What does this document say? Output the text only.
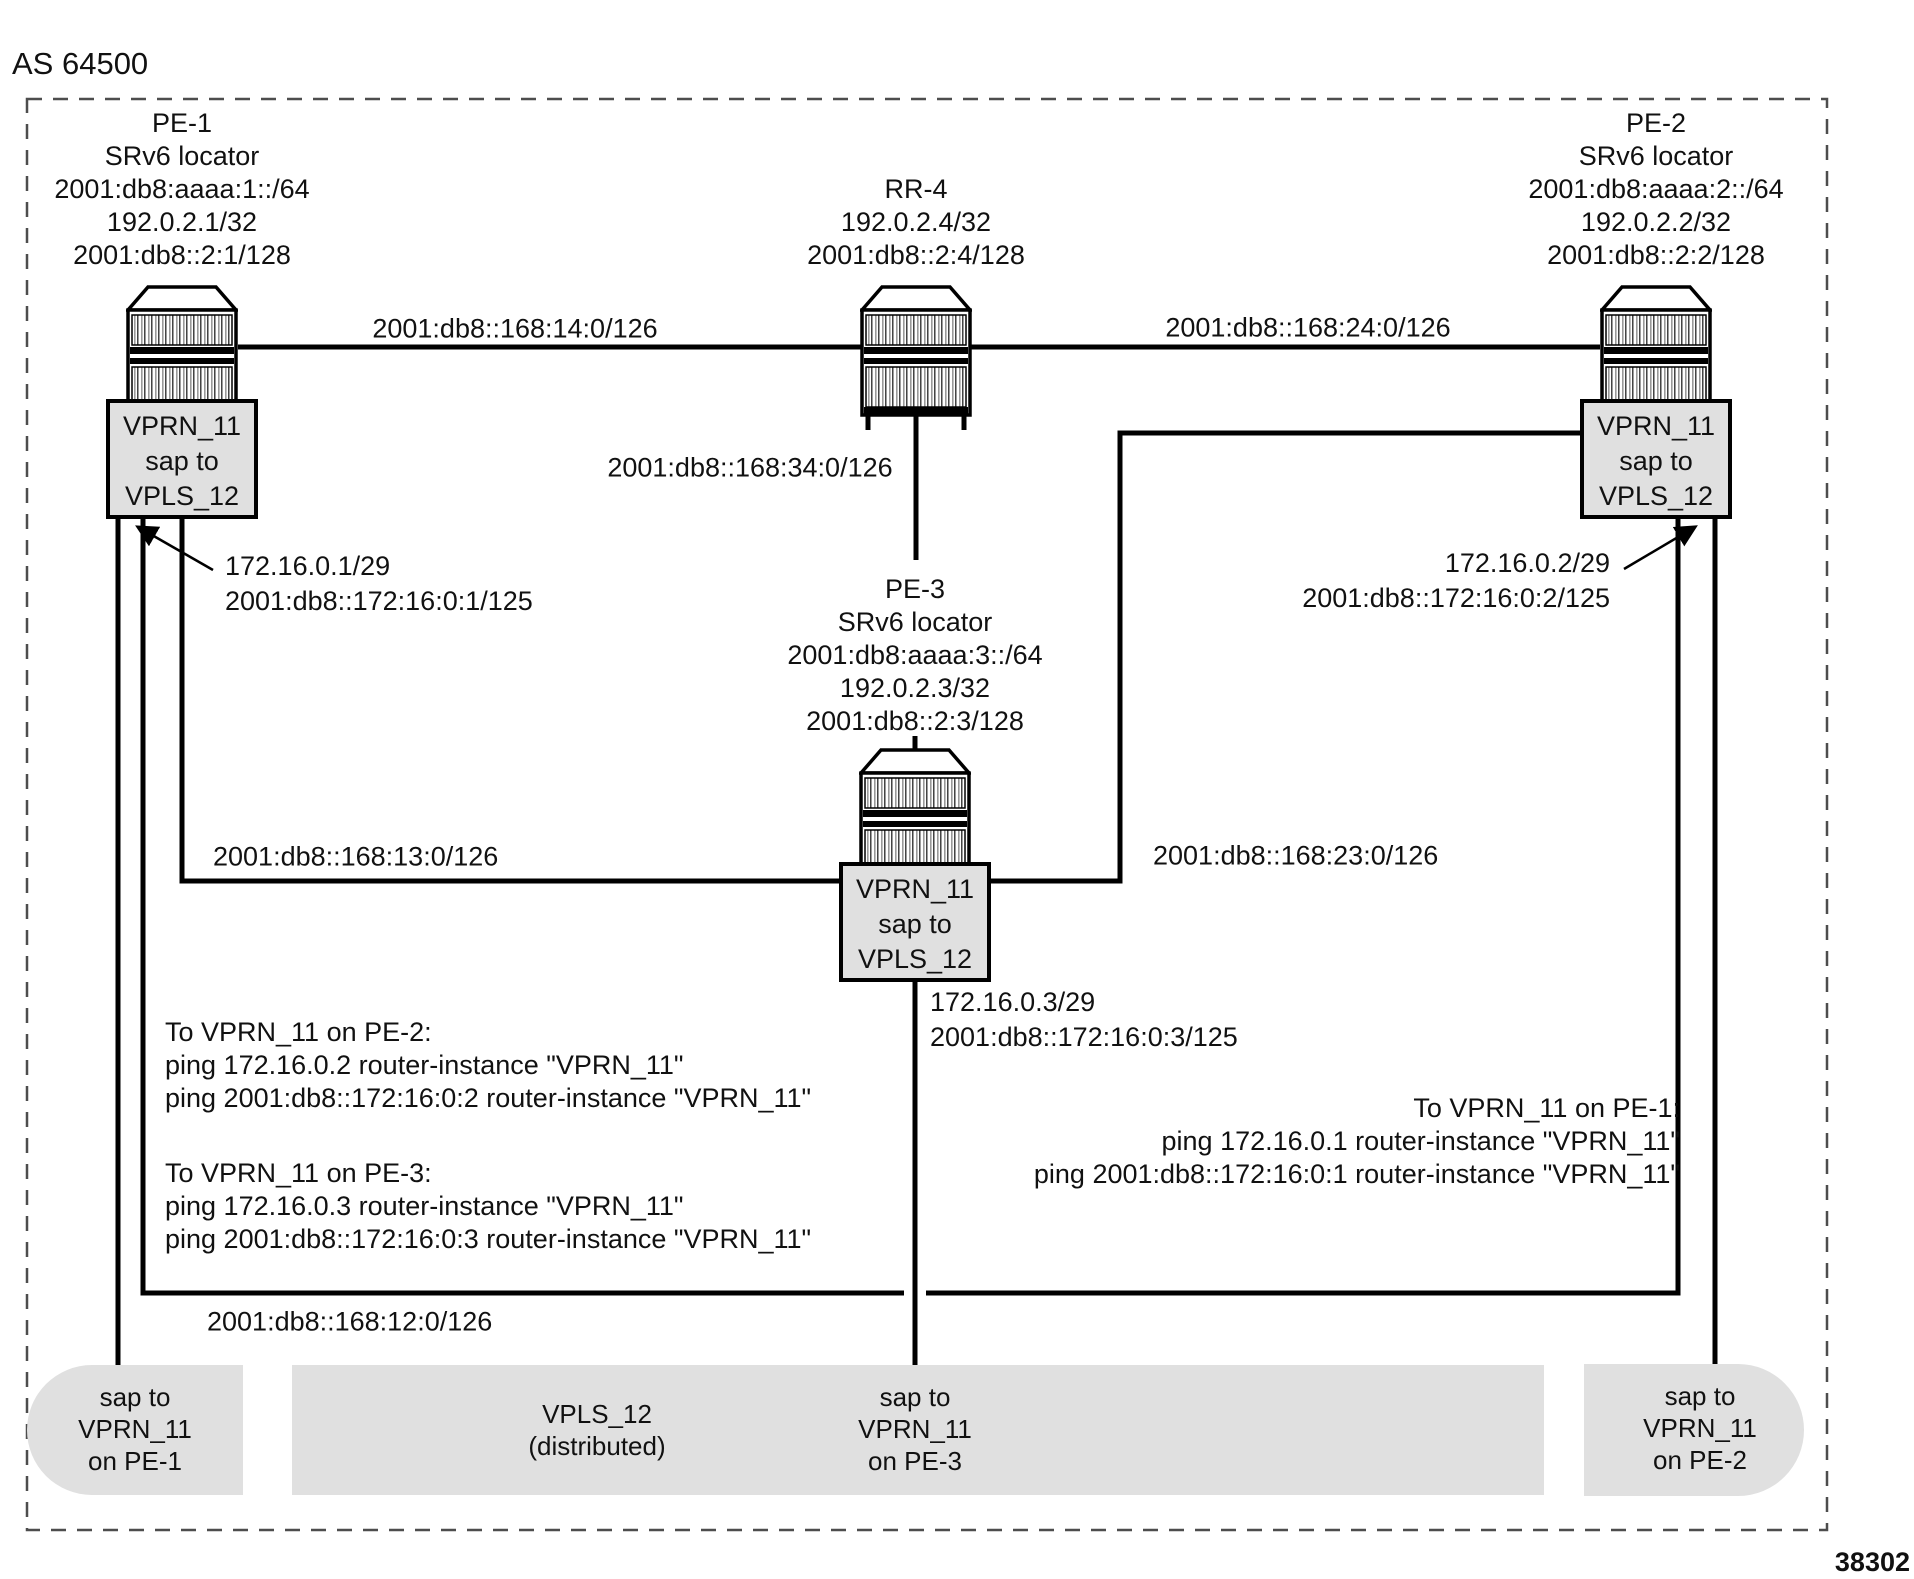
AS 64500
38302
PE-1
SRv6 locator
2001:db8:aaaa:1::/64
192.0.2.1/32
2001:db8::2:1/128
RR-4
192.0.2.4/32
2001:db8::2:4/128
PE-2
SRv6 locator
2001:db8:aaaa:2::/64
192.0.2.2/32
2001:db8::2:2/128
PE-3
SRv6 locator
2001:db8:aaaa:3::/64
192.0.2.3/32
2001:db8::2:3/128
VPRN_11
sap to
VPLS_12
VPRN_11
sap to
VPLS_12
VPRN_11
sap to
VPLS_12
2001:db8::168:14:0/126	2001:db8::168:24:0/126
2001:db8::168:34:0/126
2001:db8::168:13:0/126	2001:db8::168:23:0/126
2001:db8::168:12:0/126
172.16.0.1/29
2001:db8::172:16:0:1/125
172.16.0.2/29
2001:db8::172:16:0:2/125
172.16.0.3/29
2001:db8::172:16:0:3/125
To VPRN_11 on PE-2:
ping 172.16.0.2 router-instance "VPRN_11"
ping 2001:db8::172:16:0:2 router-instance "VPRN_11"
To VPRN_11 on PE-3:
ping 172.16.0.3 router-instance "VPRN_11"
ping 2001:db8::172:16:0:3 router-instance "VPRN_11"
To VPRN_11 on PE-1:
ping 172.16.0.1 router-instance "VPRN_11"
ping 2001:db8::172:16:0:1 router-instance "VPRN_11"
sap to
VPRN_11
on PE-1
VPLS_12
(distributed)
sap to
VPRN_11
on PE-3
sap to
VPRN_11
on PE-2
